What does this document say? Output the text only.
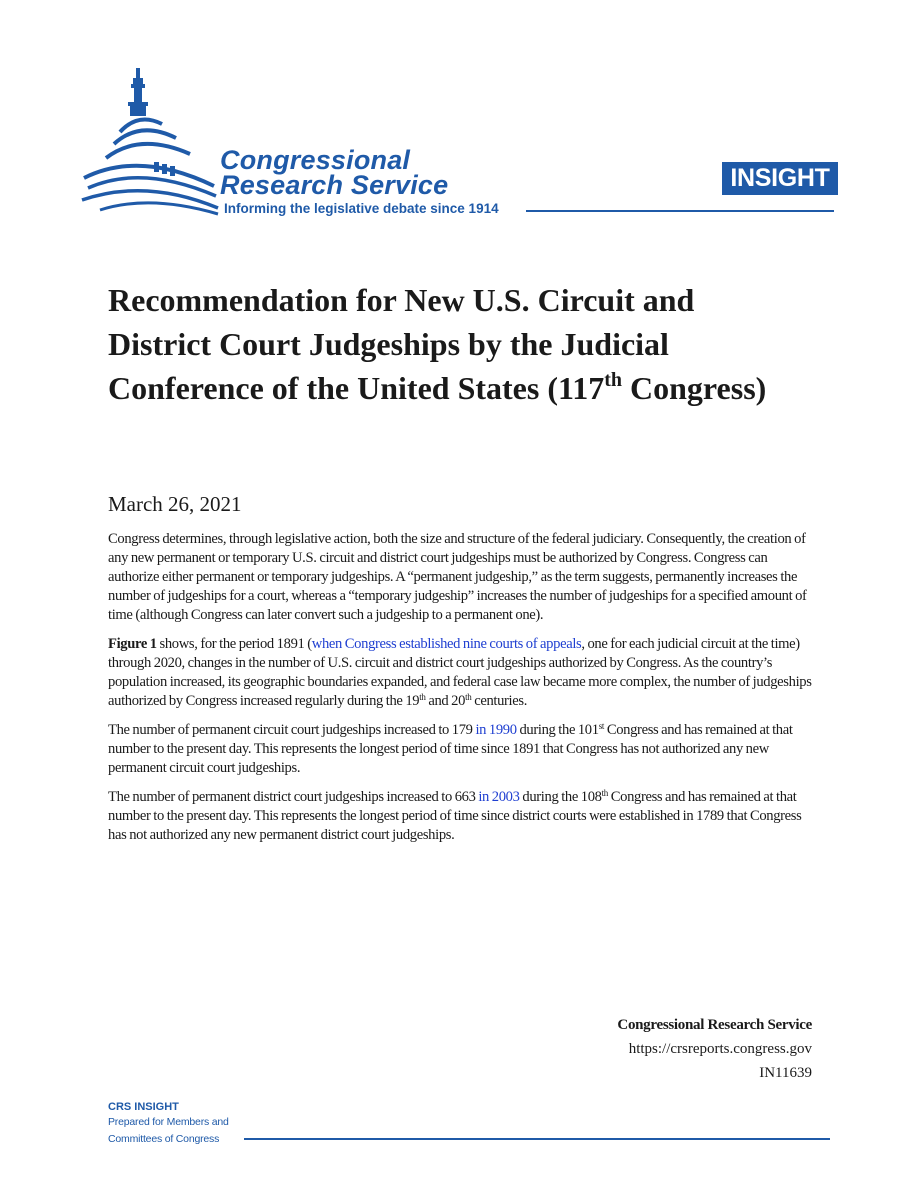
Congressional
Research Service
Informing the legislative debate since 1914
INSIGHT
Recommendation for New U.S. Circuit and District Court Judgeships by the Judicial Conference of the United States (117th Congress)
March 26, 2021

Congress determines, through legislative action, both the size and structure of the federal judiciary. Consequently, the creation of any new permanent or temporary U.S. circuit and district court judgeships must be authorized by Congress. Congress can authorize either permanent or temporary judgeships. A “permanent judgeship,” as the term suggests, permanently increases the number of judgeships for a court, whereas a “temporary judgeship” increases the number of judgeships for a specified amount of time (although Congress can later convert such a judgeship to a permanent one).

Figure 1 shows, for the period 1891 (when Congress established nine courts of appeals, one for each judicial circuit at the time) through 2020, changes in the number of U.S. circuit and district court judgeships authorized by Congress. As the country’s population increased, its geographic boundaries expanded, and federal case law became more complex, the number of judgeships authorized by Congress increased regularly during the 19th and 20th centuries.

The number of permanent circuit court judgeships increased to 179 in 1990 during the 101st Congress and has remained at that number to the present day. This represents the longest period of time since 1891 that Congress has not authorized any new permanent circuit court judgeships.

The number of permanent district court judgeships increased to 663 in 2003 during the 108th Congress and has remained at that number to the present day. This represents the longest period of time since district courts were established in 1789 that Congress has not authorized any new permanent district court judgeships.

Congressional Research Service
https://crsreports.congress.gov
IN11639
CRS INSIGHT
Prepared for Members and
Committees of Congress
